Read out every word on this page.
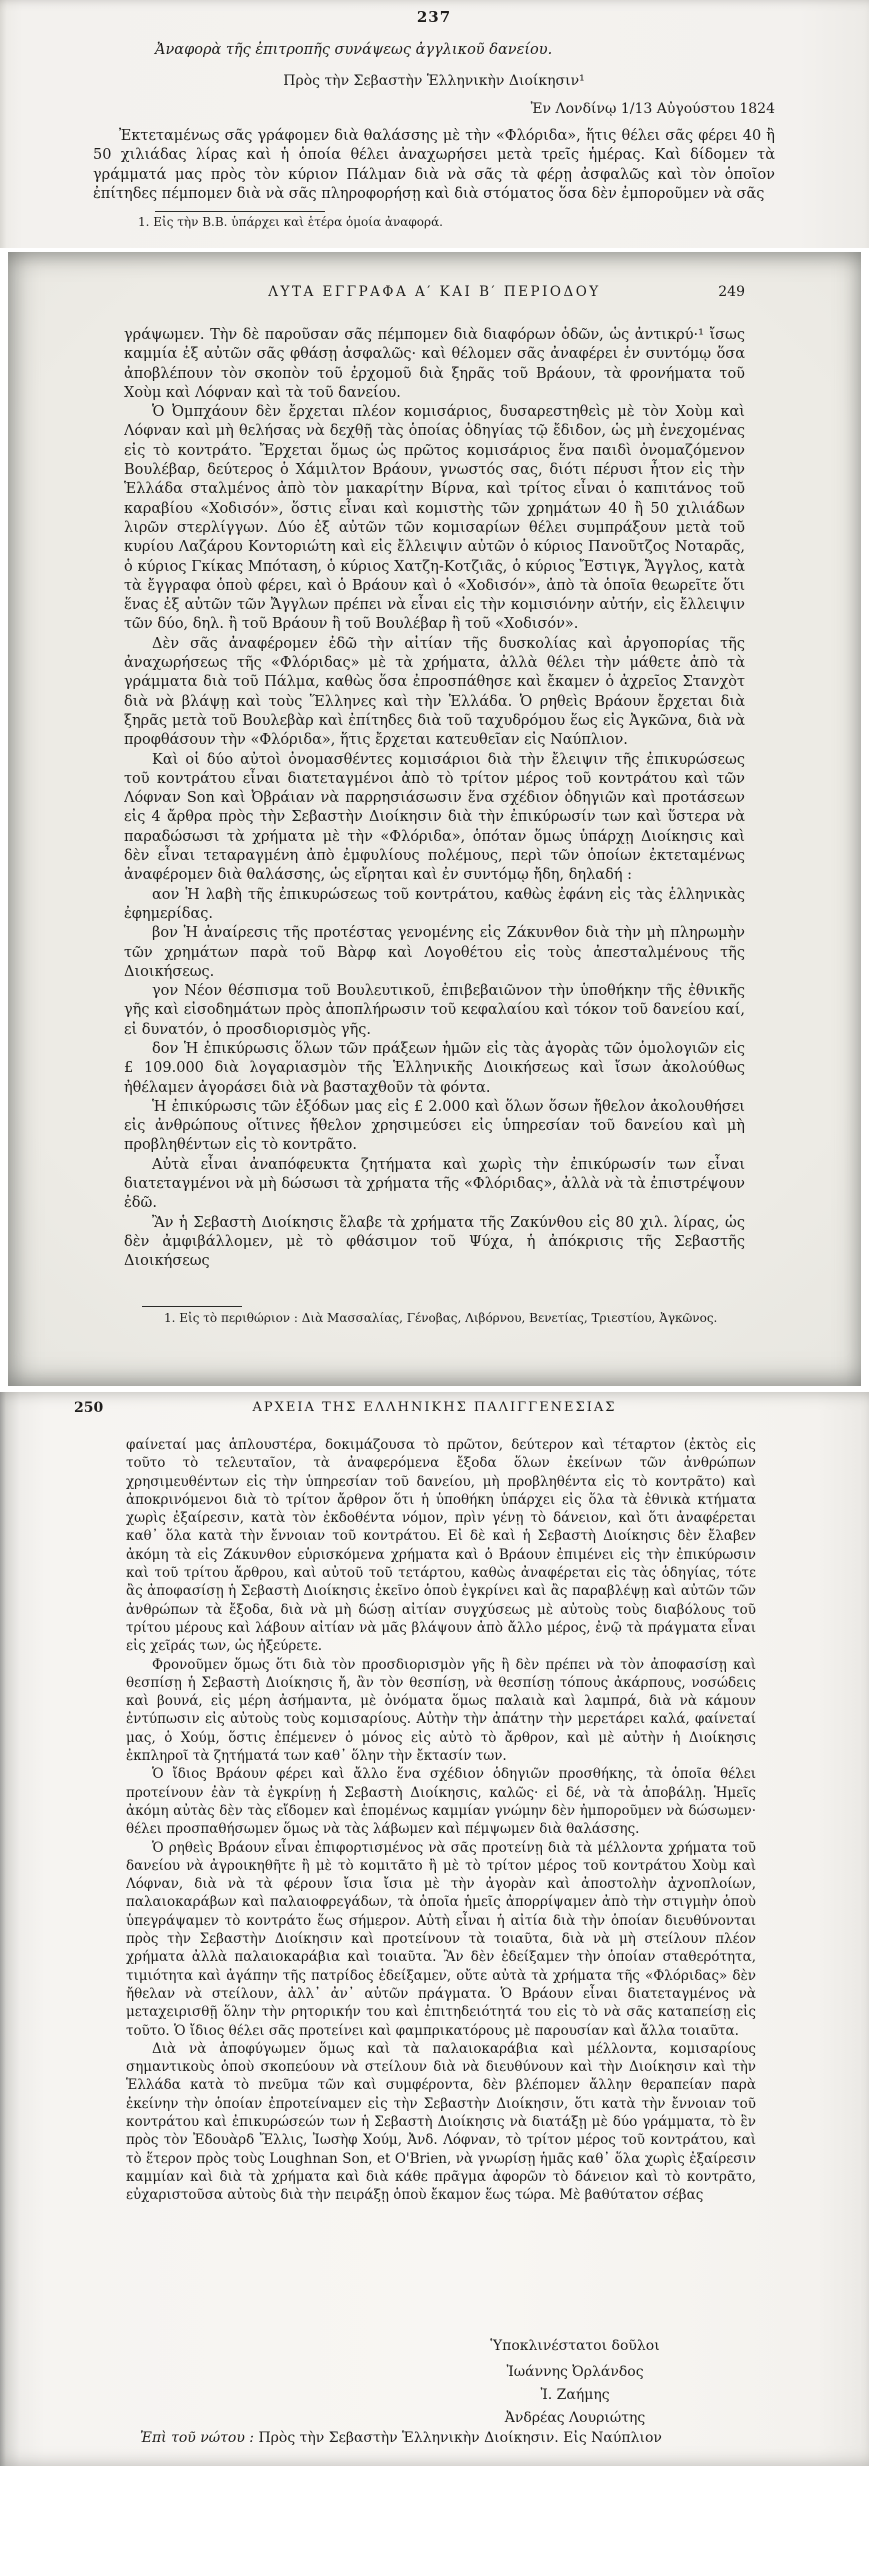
237
Ἀναφορὰ τῆς ἐπιτροπῆς συνάψεως ἀγγλικοῦ δανείου.
Πρὸς τὴν Σεβαστὴν Ἑλληνικὴν Διοίκησιν¹
Ἐν Λονδίνῳ 1/13 Αὐγούστου 1824

Ἐκτεταμένως σᾶς γράφομεν διὰ θαλάσσης μὲ τὴν «Φλόριδα», ἥτις θέλει σᾶς φέρει 40 ἢ 50 χιλιάδας λίρας καὶ ἡ ὁποία θέλει ἀναχωρήσει μετὰ τρεῖς ἡμέρας. Καὶ δίδομεν τὰ γράμματά μας πρὸς τὸν κύριον Πάλμαν διὰ νὰ σᾶς τὰ φέρῃ ἀσφαλῶς καὶ τὸν ὁποῖον ἐπίτηδες πέμπομεν διὰ νὰ σᾶς πληροφορήσῃ καὶ διὰ στόματος ὅσα δὲν ἐμποροῦμεν νὰ σᾶς

1. Εἰς τὴν Β.Β. ὑπάρχει καὶ ἑτέρα ὁμοία ἀναφορά.
ΛΥΤΑ ΕΓΓΡΑΦΑ Α′ ΚΑΙ Β′ ΠΕΡΙΟΔΟΥ	249

γράψωμεν. Τὴν δὲ παροῦσαν σᾶς πέμπομεν διὰ διαφόρων ὁδῶν, ὡς ἀντικρύ·¹ ἴσως καμμία ἐξ αὐτῶν σᾶς φθάσῃ ἀσφαλῶς· καὶ θέλομεν σᾶς ἀναφέρει ἐν συντόμῳ ὅσα ἀποβλέπουν τὸν σκοπὸν τοῦ ἐρχομοῦ διὰ ξηρᾶς τοῦ Βράουν, τὰ φρονήματα τοῦ Χοὺμ καὶ Λόφναν καὶ τὰ τοῦ δανείου.

Ὁ Ὀμπχάουν δὲν ἔρχεται πλέον κομισάριος, δυσαρεστηθεὶς μὲ τὸν Χοὺμ καὶ Λόφναν καὶ μὴ θελήσας νὰ δεχθῇ τὰς ὁποίας ὁδηγίας τῷ ἔδιδον, ὡς μὴ ἐνεχομένας εἰς τὸ κοντράτο. Ἔρχεται ὅμως ὡς πρῶτος κομισάριος ἕνα παιδὶ ὀνομαζόμενον Βουλέβαρ, δεύτερος ὁ Χάμιλτον Βράουν, γνωστός σας, διότι πέρυσι ἦτον εἰς τὴν Ἑλλάδα σταλμένος ἀπὸ τὸν μακαρίτην Βίρνα, καὶ τρίτος εἶναι ὁ καπιτάνος τοῦ καραβίου «Χοδισόν», ὅστις εἶναι καὶ κομιστὴς τῶν χρημάτων 40 ἢ 50 χιλιάδων λιρῶν στερλίγγων. Δύο ἐξ αὐτῶν τῶν κομισαρίων θέλει συμπράξουν μετὰ τοῦ κυρίου Λαζάρου Κοντοριώτη καὶ εἰς ἔλλειψιν αὐτῶν ὁ κύριος Πανοῦτζος Νοταρᾶς, ὁ κύριος Γκίκας Μπόταση, ὁ κύριος Χατζη-Κοτζιᾶς, ὁ κύριος Ἔστιγκ, Ἄγγλος, κατὰ τὰ ἔγγραφα ὁποὺ φέρει, καὶ ὁ Βράουν καὶ ὁ «Χοδισόν», ἀπὸ τὰ ὁποῖα θεωρεῖτε ὅτι ἕνας ἐξ αὐτῶν τῶν Ἄγγλων πρέπει νὰ εἶναι εἰς τὴν κομισιόνην αὐτήν, εἰς ἔλλειψιν τῶν δύο, δηλ. ἢ τοῦ Βράουν ἢ τοῦ Βουλέβαρ ἢ τοῦ «Χοδισόν».

Δὲν σᾶς ἀναφέρομεν ἐδῶ τὴν αἰτίαν τῆς δυσκολίας καὶ ἀργοπορίας τῆς ἀναχωρήσεως τῆς «Φλόριδας» μὲ τὰ χρήματα, ἀλλὰ θέλει τὴν μάθετε ἀπὸ τὰ γράμματα διὰ τοῦ Πάλμα, καθὼς ὅσα ἐπροσπάθησε καὶ ἔκαμεν ὁ ἀχρεῖος Στανχὸτ διὰ νὰ βλάψῃ καὶ τοὺς Ἕλληνες καὶ τὴν Ἑλλάδα. Ὁ ρηθεὶς Βράουν ἔρχεται διὰ ξηρᾶς μετὰ τοῦ Βουλεβὰρ καὶ ἐπίτηδες διὰ τοῦ ταχυδρόμου ἕως εἰς Ἀγκῶνα, διὰ νὰ προφθάσουν τὴν «Φλόριδα», ἥτις ἔρχεται κατευθεῖαν εἰς Ναύπλιον.

Καὶ οἱ δύο αὐτοὶ ὀνομασθέντες κομισάριοι διὰ τὴν ἔλειψιν τῆς ἐπικυρώσεως τοῦ κοντράτου εἶναι διατεταγμένοι ἀπὸ τὸ τρίτον μέρος τοῦ κοντράτου καὶ τῶν Λόφναν Son καὶ Ὀβράιαν νὰ παρρησιάσωσιν ἕνα σχέδιον ὁδηγιῶν καὶ προτάσεων εἰς 4 ἄρθρα πρὸς τὴν Σεβαστὴν Διοίκησιν διὰ τὴν ἐπικύρωσίν των καὶ ὕστερα νὰ παραδώσωσι τὰ χρήματα μὲ τὴν «Φλόριδα», ὁπόταν ὅμως ὑπάρχῃ Διοίκησις καὶ δὲν εἶναι τεταραγμένη ἀπὸ ἐμφυλίους πολέμους, περὶ τῶν ὁποίων ἐκτεταμένως ἀναφέρομεν διὰ θαλάσσης, ὡς εἴρηται καὶ ἐν συντόμῳ ἤδη, δηλαδή :

αον Ἡ λαβὴ τῆς ἐπικυρώσεως τοῦ κοντράτου, καθὼς ἐφάνη εἰς τὰς ἑλληνικὰς ἐφημερίδας.

βον Ἡ ἀναίρεσις τῆς προτέστας γενομένης εἰς Ζάκυνθον διὰ τὴν μὴ πληρωμὴν τῶν χρημάτων παρὰ τοῦ Βὰρφ καὶ Λογοθέτου εἰς τοὺς ἀπεσταλμένους τῆς Διοικήσεως.

γον Νέον θέσπισμα τοῦ Βουλευτικοῦ, ἐπιβεβαιῶνον τὴν ὑποθήκην τῆς ἐθνικῆς γῆς καὶ εἰσοδημάτων πρὸς ἀποπλήρωσιν τοῦ κεφαλαίου καὶ τόκον τοῦ δανείου καί, εἰ δυνατόν, ὁ προσδιορισμὸς γῆς.

δον Ἡ ἐπικύρωσις ὅλων τῶν πράξεων ἡμῶν εἰς τὰς ἀγορὰς τῶν ὁμολογιῶν εἰς £ 109.000 διὰ λογαριασμὸν τῆς Ἑλληνικῆς Διοικήσεως καὶ ἴσων ἀκολούθως ἠθέλαμεν ἀγοράσει διὰ νὰ βασταχθοῦν τὰ φόντα.

Ἡ ἐπικύρωσις τῶν ἐξόδων μας εἰς £ 2.000 καὶ ὅλων ὅσων ἤθελον ἀκολουθήσει εἰς ἀνθρώπους οἵτινες ἤθελον χρησιμεύσει εἰς ὑπηρεσίαν τοῦ δανείου καὶ μὴ προβληθέντων εἰς τὸ κοντρᾶτο.

Αὐτὰ εἶναι ἀναπόφευκτα ζητήματα καὶ χωρὶς τὴν ἐπικύρωσίν των εἶναι διατεταγμένοι νὰ μὴ δώσωσι τὰ χρήματα τῆς «Φλόριδας», ἀλλὰ νὰ τὰ ἐπιστρέψουν ἐδῶ.

Ἂν ἡ Σεβαστὴ Διοίκησις ἔλαβε τὰ χρήματα τῆς Ζακύνθου εἰς 80 χιλ. λίρας, ὡς δὲν ἀμφιβάλλομεν, μὲ τὸ φθάσιμον τοῦ Ψύχα, ἡ ἀπόκρισις τῆς Σεβαστῆς Διοικήσεως

1. Εἰς τὸ περιθώριον : Διὰ Μασσαλίας, Γένοβας, Λιβόρνου, Βενετίας, Τριεστίου, Ἀγκῶνος.
250	ΑΡΧΕΙΑ ΤΗΣ ΕΛΛΗΝΙΚΗΣ ΠΑΛΙΓΓΕΝΕΣΙΑΣ

φαίνεταί μας ἁπλουστέρα, δοκιμάζουσα τὸ πρῶτον, δεύτερον καὶ τέταρτον (ἐκτὸς εἰς τοῦτο τὸ τελευταῖον, τὰ ἀναφερόμενα ἔξοδα ὅλων ἐκείνων τῶν ἀνθρώπων χρησιμευθέντων εἰς τὴν ὑπηρεσίαν τοῦ δανείου, μὴ προβληθέντα εἰς τὸ κοντρᾶτο) καὶ ἀποκρινόμενοι διὰ τὸ τρίτον ἄρθρον ὅτι ἡ ὑποθήκη ὑπάρχει εἰς ὅλα τὰ ἐθνικὰ κτήματα χωρὶς ἐξαίρεσιν, κατὰ τὸν ἐκδοθέντα νόμον, πρὶν γένῃ τὸ δάνειον, καὶ ὅτι ἀναφέρεται καθ᾽ ὅλα κατὰ τὴν ἔννοιαν τοῦ κοντράτου. Εἰ δὲ καὶ ἡ Σεβαστὴ Διοίκησις δὲν ἔλαβεν ἀκόμη τὰ εἰς Ζάκυνθον εὑρισκόμενα χρήματα καὶ ὁ Βράουν ἐπιμένει εἰς τὴν ἐπικύρωσιν καὶ τοῦ τρίτου ἄρθρου, καὶ αὐτοῦ τοῦ τετάρτου, καθὼς ἀναφέρεται εἰς τὰς ὁδηγίας, τότε ἂς ἀποφασίσῃ ἡ Σεβαστὴ Διοίκησις ἐκεῖνο ὁποὺ ἐγκρίνει καὶ ἂς παραβλέψῃ καὶ αὐτῶν τῶν ἀνθρώπων τὰ ἔξοδα, διὰ νὰ μὴ δώσῃ αἰτίαν συγχύσεως μὲ αὐτοὺς τοὺς διαβόλους τοῦ τρίτου μέρους καὶ λάβουν αἰτίαν νὰ μᾶς βλάψουν ἀπὸ ἄλλο μέρος, ἐνῷ τὰ πράγματα εἶναι εἰς χεῖράς των, ὡς ἠξεύρετε.

Φρονοῦμεν ὅμως ὅτι διὰ τὸν προσδιορισμὸν γῆς ἢ δὲν πρέπει νὰ τὸν ἀποφασίσῃ καὶ θεσπίσῃ ἡ Σεβαστὴ Διοίκησις ἤ, ἂν τὸν θεσπίσῃ, νὰ θεσπίσῃ τόπους ἀκάρπους, νοσώδεις καὶ βουνά, εἰς μέρη ἀσήμαντα, μὲ ὀνόματα ὅμως παλαιὰ καὶ λαμπρά, διὰ νὰ κάμουν ἐντύπωσιν εἰς αὐτοὺς τοὺς κομισαρίους. Αὐτὴν τὴν ἀπάτην τὴν μερετάρει καλά, φαίνεταί μας, ὁ Χούμ, ὅστις ἐπέμενεν ὁ μόνος εἰς αὐτὸ τὸ ἄρθρον, καὶ μὲ αὐτὴν ἡ Διοίκησις ἐκπληροῖ τὰ ζητήματά των καθ᾽ ὅλην τὴν ἔκτασίν των.

Ὁ ἴδιος Βράουν φέρει καὶ ἄλλο ἕνα σχέδιον ὁδηγιῶν προσθήκης, τὰ ὁποῖα θέλει προτείνουν ἐὰν τὰ ἐγκρίνῃ ἡ Σεβαστὴ Διοίκησις, καλῶς· εἰ δέ, νὰ τὰ ἀποβάλῃ. Ἡμεῖς ἀκόμη αὐτὰς δὲν τὰς εἴδομεν καὶ ἑπομένως καμμίαν γνώμην δὲν ἠμποροῦμεν νὰ δώσωμεν· θέλει προσπαθήσωμεν ὅμως νὰ τὰς λάβωμεν καὶ πέμψωμεν διὰ θαλάσσης.

Ὁ ρηθεὶς Βράουν εἶναι ἐπιφορτισμένος νὰ σᾶς προτείνῃ διὰ τὰ μέλλοντα χρήματα τοῦ δανείου νὰ ἀγροικηθῆτε ἢ μὲ τὸ κομιτᾶτο ἢ μὲ τὸ τρίτον μέρος τοῦ κοντράτου Χοὺμ καὶ Λόφναν, διὰ νὰ τὰ φέρουν ἴσια ἴσια μὲ τὴν ἀγορὰν καὶ ἀποστολὴν ἀχνοπλοίων, παλαιοκαράβων καὶ παλαιοφρεγάδων, τὰ ὁποῖα ἡμεῖς ἀπορρίψαμεν ἀπὸ τὴν στιγμὴν ὁποὺ ὑπεγράψαμεν τὸ κοντράτο ἕως σήμερον. Αὐτὴ εἶναι ἡ αἰτία διὰ τὴν ὁποίαν διευθύνονται πρὸς τὴν Σεβαστὴν Διοίκησιν καὶ προτείνουν τὰ τοιαῦτα, διὰ νὰ μὴ στείλουν πλέον χρήματα ἀλλὰ παλαιοκαράβια καὶ τοιαῦτα. Ἂν δὲν ἐδείξαμεν τὴν ὁποίαν σταθερότητα, τιμιότητα καὶ ἀγάπην τῆς πατρίδος ἐδείξαμεν, οὔτε αὐτὰ τὰ χρήματα τῆς «Φλόριδας» δὲν ἤθελαν νὰ στείλουν, ἀλλ᾽ ἀν᾽ αὐτῶν πράγματα. Ὁ Βράουν εἶναι διατεταγμένος νὰ μεταχειρισθῇ ὅλην τὴν ρητορικήν του καὶ ἐπιτηδειότητά του εἰς τὸ νὰ σᾶς καταπείσῃ εἰς τοῦτο. Ὁ ἴδιος θέλει σᾶς προτείνει καὶ φαμπρικατόρους μὲ παρουσίαν καὶ ἄλλα τοιαῦτα.

Διὰ νὰ ἀποφύγωμεν ὅμως καὶ τὰ παλαιοκαράβια καὶ μέλλοντα, κομισαρίους σημαντικοὺς ὁποὺ σκοπεύουν νὰ στείλουν διὰ νὰ διευθύνουν καὶ τὴν Διοίκησιν καὶ τὴν Ἑλλάδα κατὰ τὸ πνεῦμα τῶν καὶ συμφέροντα, δὲν βλέπομεν ἄλλην θεραπείαν παρὰ ἐκείνην τὴν ὁποίαν ἐπροτείναμεν εἰς τὴν Σεβαστὴν Διοίκησιν, ὅτι κατὰ τὴν ἔννοιαν τοῦ κοντράτου καὶ ἐπικυρώσεών των ἡ Σεβαστὴ Διοίκησις νὰ διατάξῃ μὲ δύο γράμματα, τὸ ἓν πρὸς τὸν Ἐδουὰρδ Ἔλλις, Ἰωσὴφ Χούμ, Ἀνδ. Λόφναν, τὸ τρίτον μέρος τοῦ κοντράτου, καὶ τὸ ἕτερον πρὸς τοὺς Loughnan Son, et O'Brien, νὰ γνωρίσῃ ἡμᾶς καθ᾽ ὅλα χωρὶς ἐξαίρεσιν καμμίαν καὶ διὰ τὰ χρήματα καὶ διὰ κάθε πρᾶγμα ἀφορῶν τὸ δάνειον καὶ τὸ κοντρᾶτο, εὐχαριστοῦσα αὐτοὺς διὰ τὴν πειράξῃ ὁποὺ ἔκαμον ἕως τώρα. Μὲ βαθύτατον σέβας

Ὑποκλινέστατοι δοῦλοι

Ἰωάννης Ὀρλάνδος

Ἰ. Ζαήμης

Ἀνδρέας Λουριώτης

Ἐπὶ τοῦ νώτου : Πρὸς τὴν Σεβαστὴν Ἑλληνικὴν Διοίκησιν. Εἰς Ναύπλιον
